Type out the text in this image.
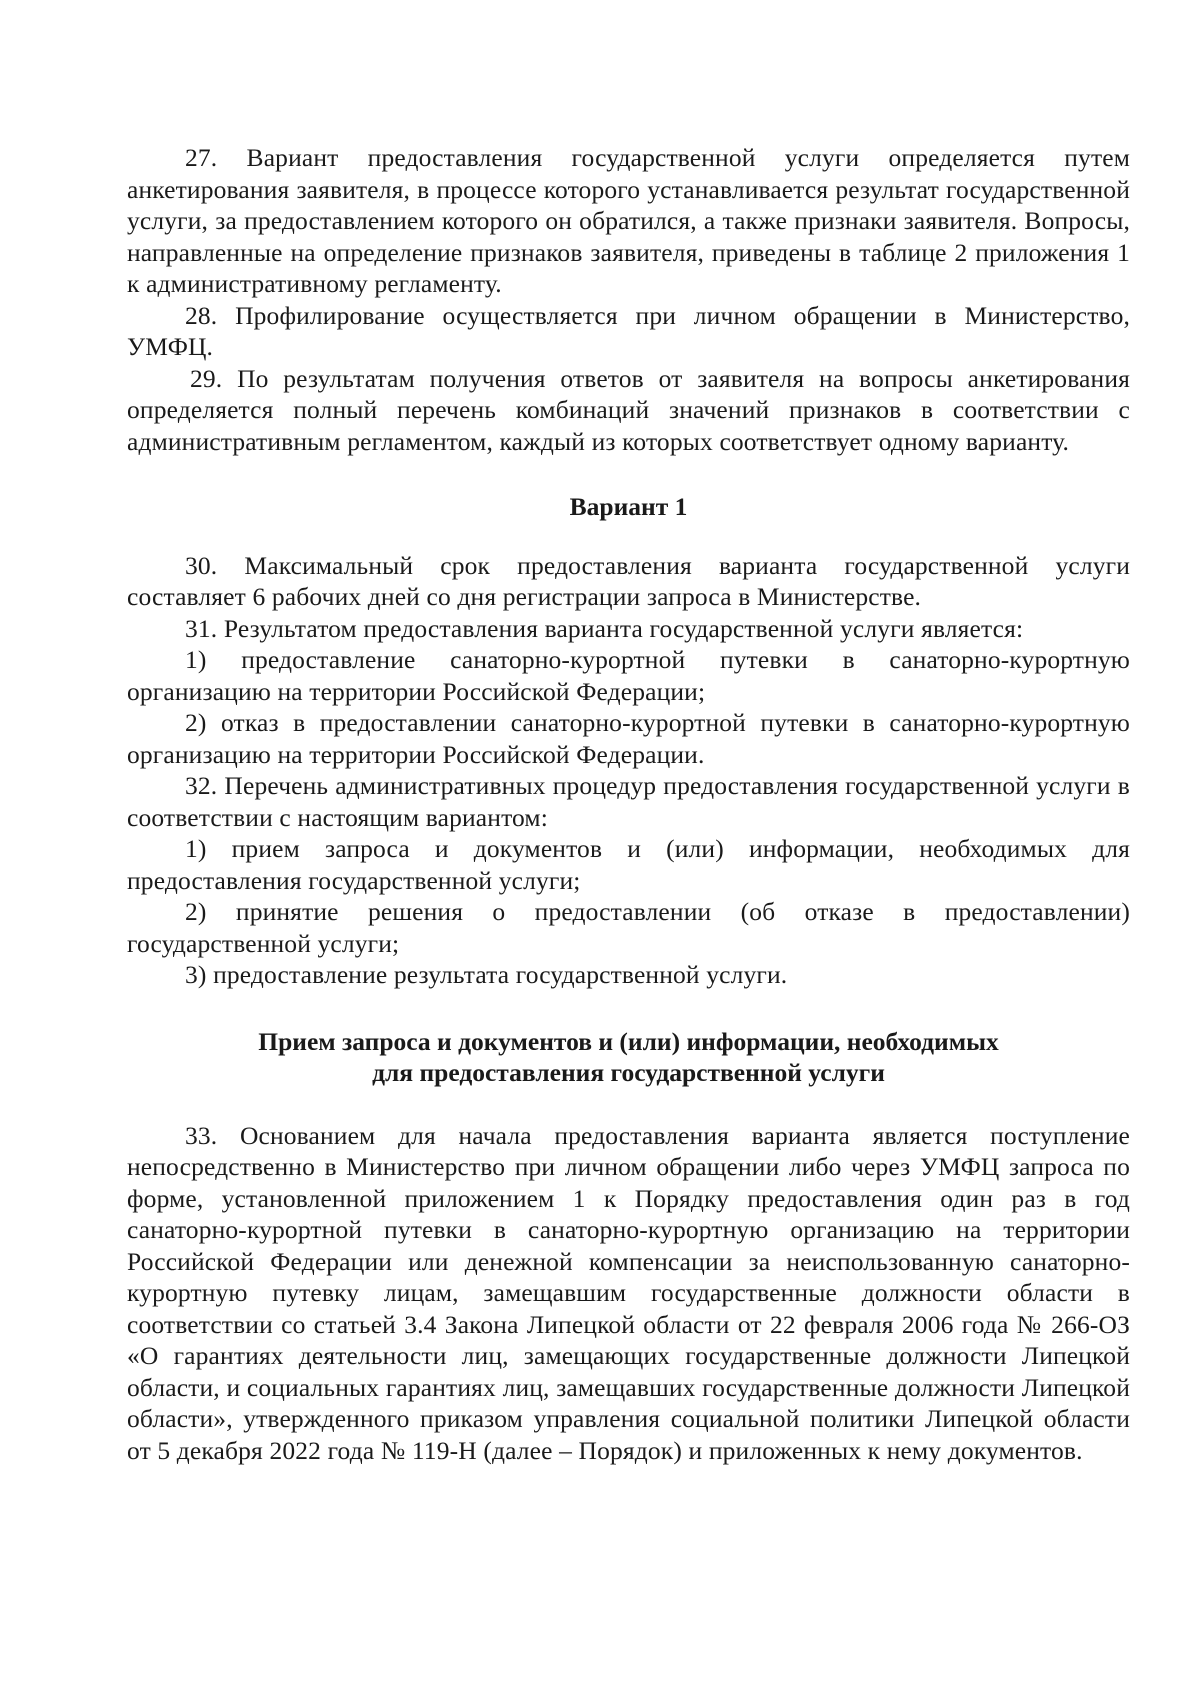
27. Вариант предоставления государственной услуги определяется путем анкетирования заявителя, в процессе которого устанавливается результат государственной услуги, за предоставлением которого он обратился, а также признаки заявителя. Вопросы, направленные на определение признаков заявителя, приведены в таблице 2 приложения 1 к административному регламенту.

28. Профилирование осуществляется при личном обращении в Министерство, УМФЦ.

29. По результатам получения ответов от заявителя на вопросы анкетирования определяется полный перечень комбинаций значений признаков в соответствии с административным регламентом, каждый из которых соответствует одному варианту.

Вариант 1

30. Максимальный срок предоставления варианта государственной услуги составляет 6 рабочих дней со дня регистрации запроса в Министерстве.

31. Результатом предоставления варианта государственной услуги является:

1) предоставление санаторно-курортной путевки в санаторно-курортную организацию на территории Российской Федерации;

2) отказ в предоставлении санаторно-курортной путевки в санаторно-курортную организацию на территории Российской Федерации.

32. Перечень административных процедур предоставления государственной услуги в соответствии с настоящим вариантом:

1) прием запроса и документов и (или) информации, необходимых для предоставления государственной услуги;

2) принятие решения о предоставлении (об отказе в предоставлении) государственной услуги;

3) предоставление результата государственной услуги.

Прием запроса и документов и (или) информации, необходимых
для предоставления государственной услуги

33. Основанием для начала предоставления варианта является поступление непосредственно в Министерство при личном обращении либо через УМФЦ запроса по форме, установленной приложением 1 к Порядку предоставления один раз в год санаторно-курортной путевки в санаторно-курортную организацию на территории Российской Федерации или денежной компенсации за неиспользованную санаторно-курортную путевку лицам, замещавшим государственные должности области в соответствии со статьей 3.4 Закона Липецкой области от 22 февраля 2006 года № 266-ОЗ «О гарантиях деятельности лиц, замещающих государственные должности Липецкой области, и социальных гарантиях лиц, замещавших государственные должности Липецкой области», утвержденного приказом управления социальной политики Липецкой области от 5 декабря 2022 года № 119-Н (далее – Порядок) и приложенных к нему документов.
